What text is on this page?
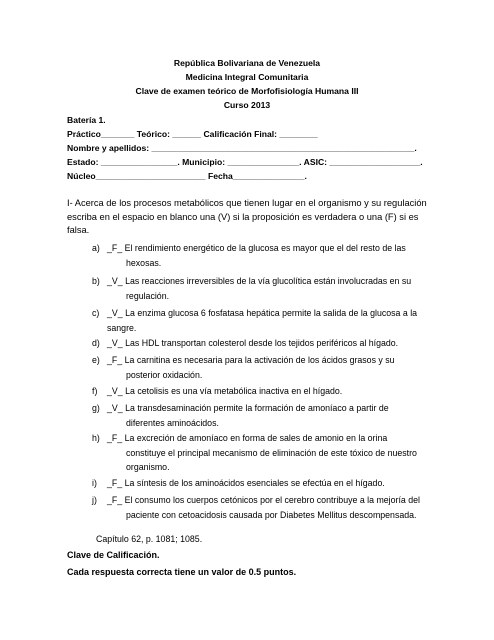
República Bolivariana de Venezuela
Medicina Integral Comunitaria
Clave de examen teórico de Morfofisiología Humana III
Curso 2013
Batería 1.
Práctico_______ Teórico: ______ Calificación Final: ________
Nombre y apellidos: _______________________________________________________.
Estado: ________________. Municipio: _______________. ASIC: ___________________.
Núcleo_______________________ Fecha_______________.
I- Acerca de los procesos metabólicos que tienen lugar en el organismo y su regulación
escriba en el espacio en blanco una (V) si la proposición es verdadera o una (F) si es
falsa.
a) _F_ El rendimiento energético de la glucosa es mayor que el del resto de las
hexosas.
b) _V_ Las reacciones irreversibles de la vía glucolítica están involucradas en su
regulación.
c) _V_ La enzima glucosa 6 fosfatasa hepática permite la salida de la glucosa a la
sangre.
d) _V_ Las HDL transportan colesterol desde los tejidos periféricos al hígado.
e) _F_ La carnitina es necesaria para la activación de los ácidos grasos y su
posterior oxidación.
f)	_V_ La cetolisis es una vía metabólica inactiva en el hígado.
g) _V_ La transdesaminación permite la formación de amoníaco a partir de
diferentes aminoácidos.
h) _F_ La excreción de amoníaco en forma de sales de amonio en la orina
constituye el principal mecanismo de eliminación de este tóxico de nuestro
organismo.
i)	_F_ La síntesis de los aminoácidos esenciales se efectúa en el hígado.
j)	_F_ El consumo los cuerpos cetónicos por el cerebro contribuye a la mejoría del
paciente con cetoacidosis causada por Diabetes Mellitus descompensada.
Capítulo 62, p. 1081; 1085.
Clave de Calificación.
Cada respuesta correcta tiene un valor de 0.5 puntos.
